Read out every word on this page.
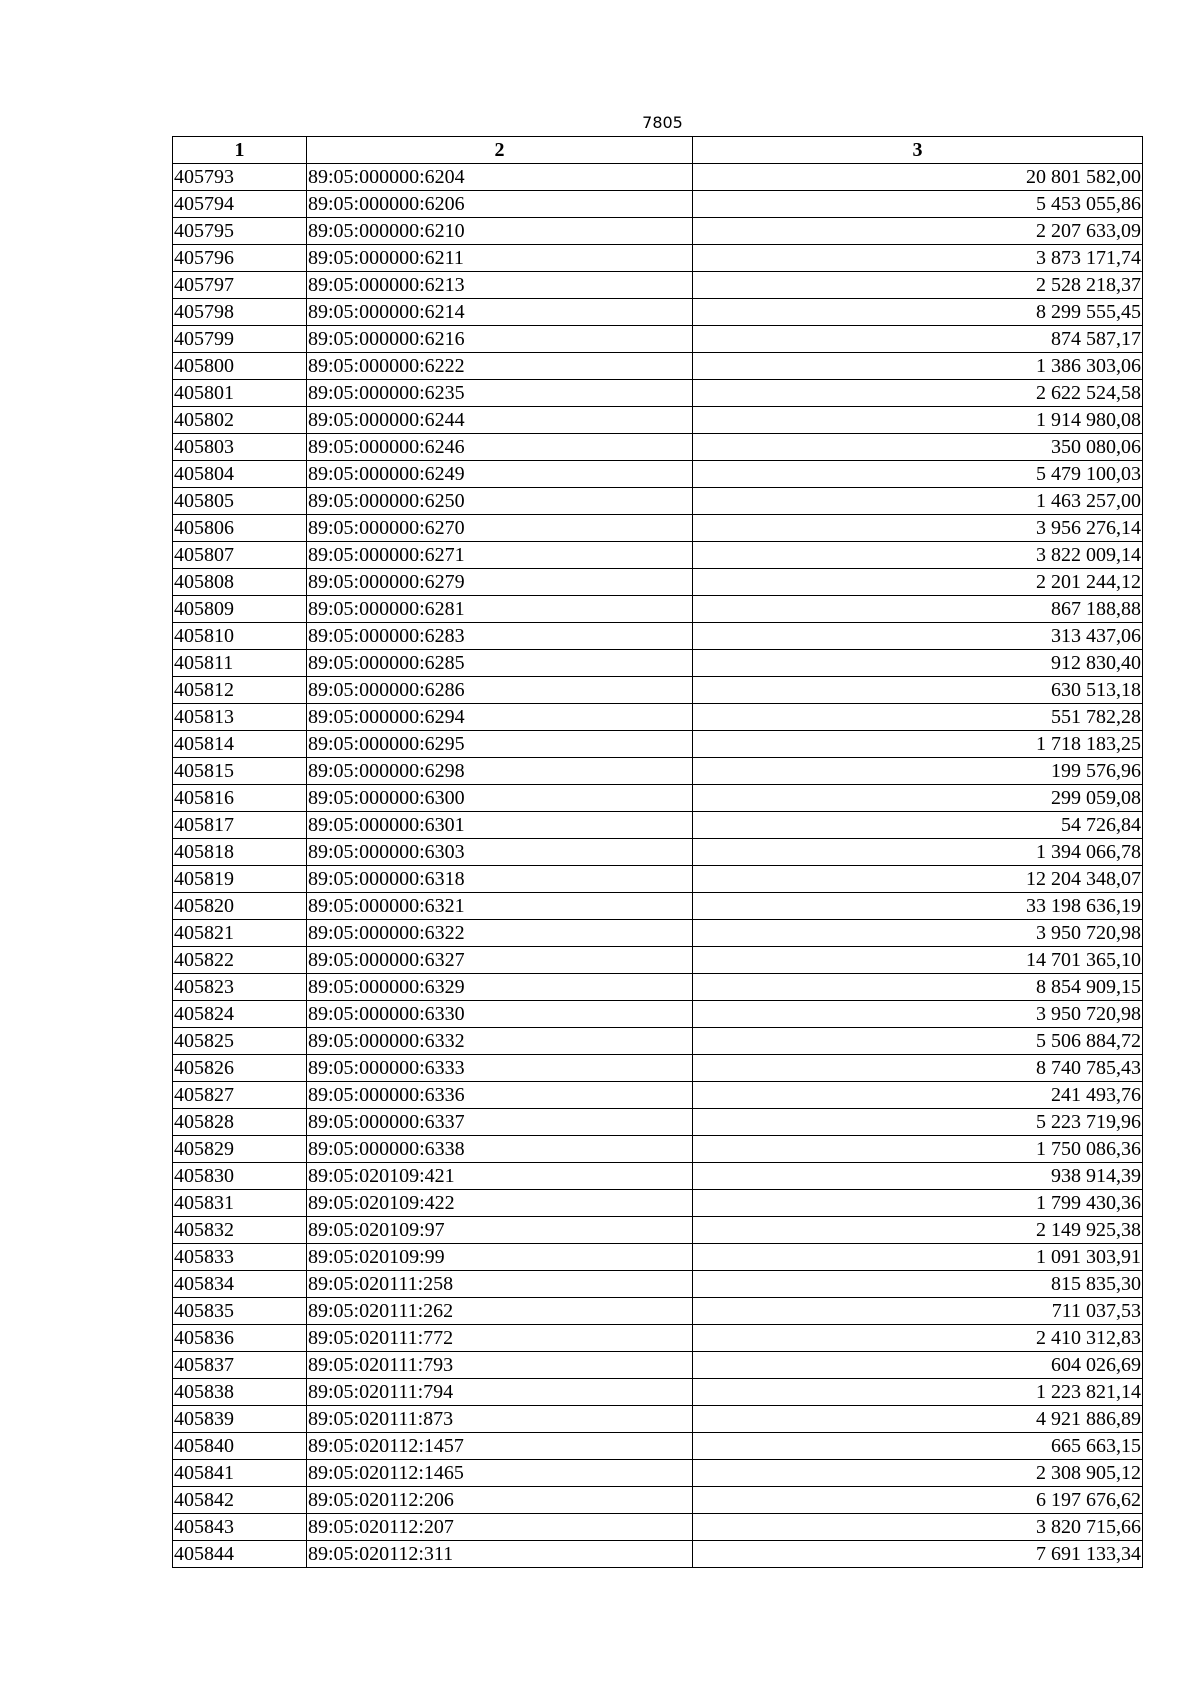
7805
1	2	3
405793	89:05:000000:6204	20 801 582,00
405794	89:05:000000:6206	5 453 055,86
405795	89:05:000000:6210	2 207 633,09
405796	89:05:000000:6211	3 873 171,74
405797	89:05:000000:6213	2 528 218,37
405798	89:05:000000:6214	8 299 555,45
405799	89:05:000000:6216	874 587,17
405800	89:05:000000:6222	1 386 303,06
405801	89:05:000000:6235	2 622 524,58
405802	89:05:000000:6244	1 914 980,08
405803	89:05:000000:6246	350 080,06
405804	89:05:000000:6249	5 479 100,03
405805	89:05:000000:6250	1 463 257,00
405806	89:05:000000:6270	3 956 276,14
405807	89:05:000000:6271	3 822 009,14
405808	89:05:000000:6279	2 201 244,12
405809	89:05:000000:6281	867 188,88
405810	89:05:000000:6283	313 437,06
405811	89:05:000000:6285	912 830,40
405812	89:05:000000:6286	630 513,18
405813	89:05:000000:6294	551 782,28
405814	89:05:000000:6295	1 718 183,25
405815	89:05:000000:6298	199 576,96
405816	89:05:000000:6300	299 059,08
405817	89:05:000000:6301	54 726,84
405818	89:05:000000:6303	1 394 066,78
405819	89:05:000000:6318	12 204 348,07
405820	89:05:000000:6321	33 198 636,19
405821	89:05:000000:6322	3 950 720,98
405822	89:05:000000:6327	14 701 365,10
405823	89:05:000000:6329	8 854 909,15
405824	89:05:000000:6330	3 950 720,98
405825	89:05:000000:6332	5 506 884,72
405826	89:05:000000:6333	8 740 785,43
405827	89:05:000000:6336	241 493,76
405828	89:05:000000:6337	5 223 719,96
405829	89:05:000000:6338	1 750 086,36
405830	89:05:020109:421	938 914,39
405831	89:05:020109:422	1 799 430,36
405832	89:05:020109:97	2 149 925,38
405833	89:05:020109:99	1 091 303,91
405834	89:05:020111:258	815 835,30
405835	89:05:020111:262	711 037,53
405836	89:05:020111:772	2 410 312,83
405837	89:05:020111:793	604 026,69
405838	89:05:020111:794	1 223 821,14
405839	89:05:020111:873	4 921 886,89
405840	89:05:020112:1457	665 663,15
405841	89:05:020112:1465	2 308 905,12
405842	89:05:020112:206	6 197 676,62
405843	89:05:020112:207	3 820 715,66
405844	89:05:020112:311	7 691 133,34
